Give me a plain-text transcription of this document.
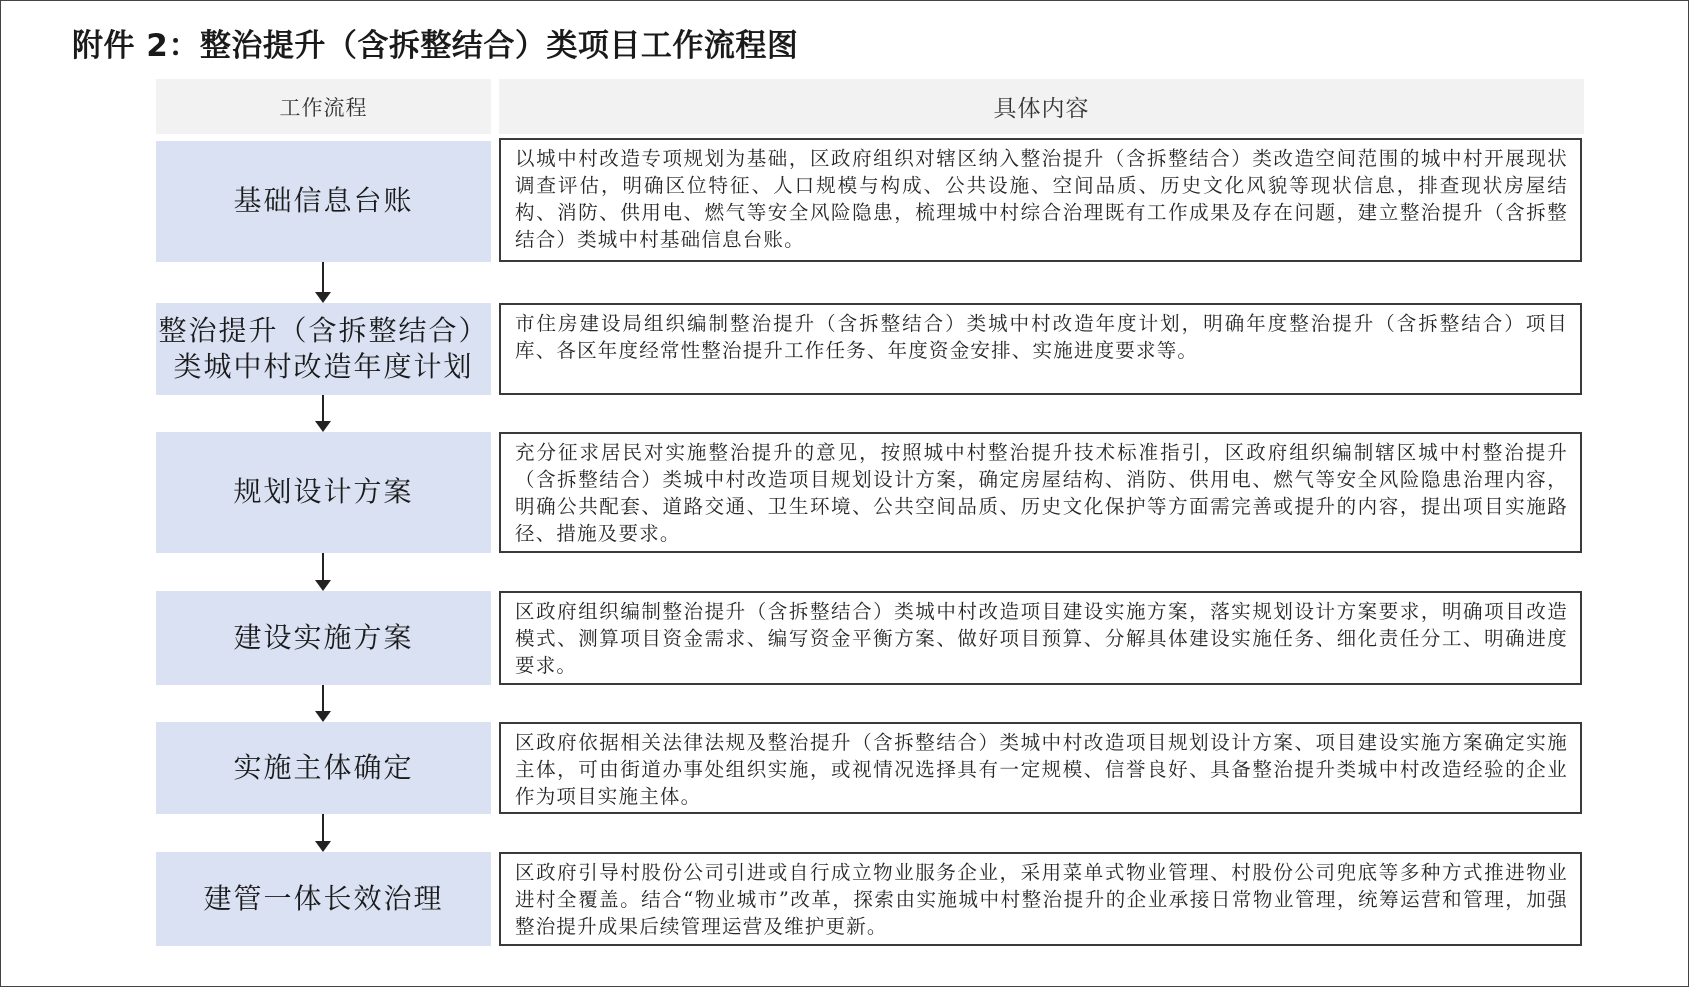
附件 2：整治提升（含拆整结合）类项目工作流程图
工作流程	具体内容
基础信息台账
以城中村改造专项规划为基础，区政府组织对辖区纳入整治提升（含拆整结合）类改造空间范围的城中村开展现状调查评估，明确区位特征、人口规模与构成、公共设施、空间品质、历史文化风貌等现状信息，排查现状房屋结构、消防、供用电、燃气等安全风险隐患，梳理城中村综合治理既有工作成果及存在问题，建立整治提升（含拆整结合）类城中村基础信息台账。
整治提升（含拆整结合）类城中村改造年度计划
市住房建设局组织编制整治提升（含拆整结合）类城中村改造年度计划，明确年度整治提升（含拆整结合）项目库、各区年度经常性整治提升工作任务、年度资金安排、实施进度要求等。
规划设计方案
充分征求居民对实施整治提升的意见，按照城中村整治提升技术标准指引，区政府组织编制辖区城中村整治提升（含拆整结合）类城中村改造项目规划设计方案，确定房屋结构、消防、供用电、燃气等安全风险隐患治理内容，明确公共配套、道路交通、卫生环境、公共空间品质、历史文化保护等方面需完善或提升的内容，提出项目实施路径、措施及要求。
建设实施方案
区政府组织编制整治提升（含拆整结合）类城中村改造项目建设实施方案，落实规划设计方案要求，明确项目改造模式、测算项目资金需求、编写资金平衡方案、做好项目预算、分解具体建设实施任务、细化责任分工、明确进度要求。
实施主体确定
区政府依据相关法律法规及整治提升（含拆整结合）类城中村改造项目规划设计方案、项目建设实施方案确定实施主体，可由街道办事处组织实施，或视情况选择具有一定规模、信誉良好、具备整治提升类城中村改造经验的企业作为项目实施主体。
建管一体长效治理
区政府引导村股份公司引进或自行成立物业服务企业，采用菜单式物业管理、村股份公司兜底等多种方式推进物业进村全覆盖。结合“物业城市”改革，探索由实施城中村整治提升的企业承接日常物业管理，统筹运营和管理，加强整治提升成果后续管理运营及维护更新。
